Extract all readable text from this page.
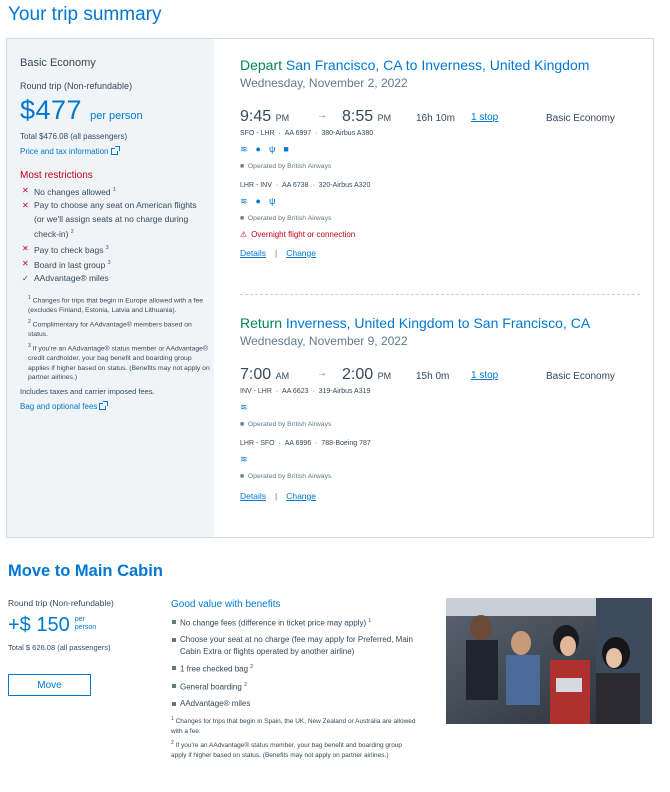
Your trip summary
Basic Economy
Round trip (Non-refundable)
$477 per person
Total $476.08 (all passengers)
Price and tax information
Most restrictions
✕ No changes allowed $^1$
✕ Pay to choose any seat on American flights (or we'll assign seats at no charge during check-in) $^2$
✕ Pay to check bags $^3$
✕ Board in last group $^3$
✓ AAdvantage® miles

$^1$ Changes for trips that begin in Europe allowed with a fee (excludes Finland, Estonia, Latvia and Lithuania).

$^2$ Complimentary for AAdvantage® members based on status.

$^3$ If you're an AAdvantage® status member or AAdvantage® credit cardholder, your bag benefit and boarding group applies if higher based on status. (Benefits may not apply on partner airlines.)

Includes taxes and carrier imposed fees.
Bag and optional fees
Depart San Francisco, CA to Inverness, United Kingdom
Wednesday, November 2, 2022
9:45 PM	→ 8:55 PM 16h 10m 1 stop	Basic Economy
SFO - LHR  ·  AA 6997  ·  380-Airbus A380
≋ ● ψ ■
■  Operated by British Airways
LHR - INV  ·  AA 6738  ·  320-Airbus A320
≋ ● ψ
■  Operated by British Airways
⚠ Overnight flight or connection
Details | Change
Return Inverness, United Kingdom to San Francisco, CA
Wednesday, November 9, 2022
7:00 AM	→ 2:00 PM 15h 0m 1 stop	Basic Economy
INV - LHR  ·  AA 6623  ·  319-Airbus A319
≋
■  Operated by British Airways
LHR - SFO  ·  AA 6996  ·  788-Boeing 787
≋
■  Operated by British Airways
Details | Change
Move to Main Cabin
Round trip (Non-refundable)
+$ 150 per person
Total $ 626.08 (all passengers)
Move
Good value with benefits
No change fees (difference in ticket price may apply) $^1$
Choose your seat at no charge (fee may apply for Preferred, Main Cabin Extra or flights operated by another airline)
1 free checked bag $^2$
General boarding $^2$
AAdvantage® miles

$^1$ Changes for trips that begin in Spain, the UK, New Zealand or Australia are allowed with a fee.

$^2$ If you're an AAdvantage® status member, your bag benefit and boarding group apply if higher based on status. (Benefits may not apply on partner airlines.)
